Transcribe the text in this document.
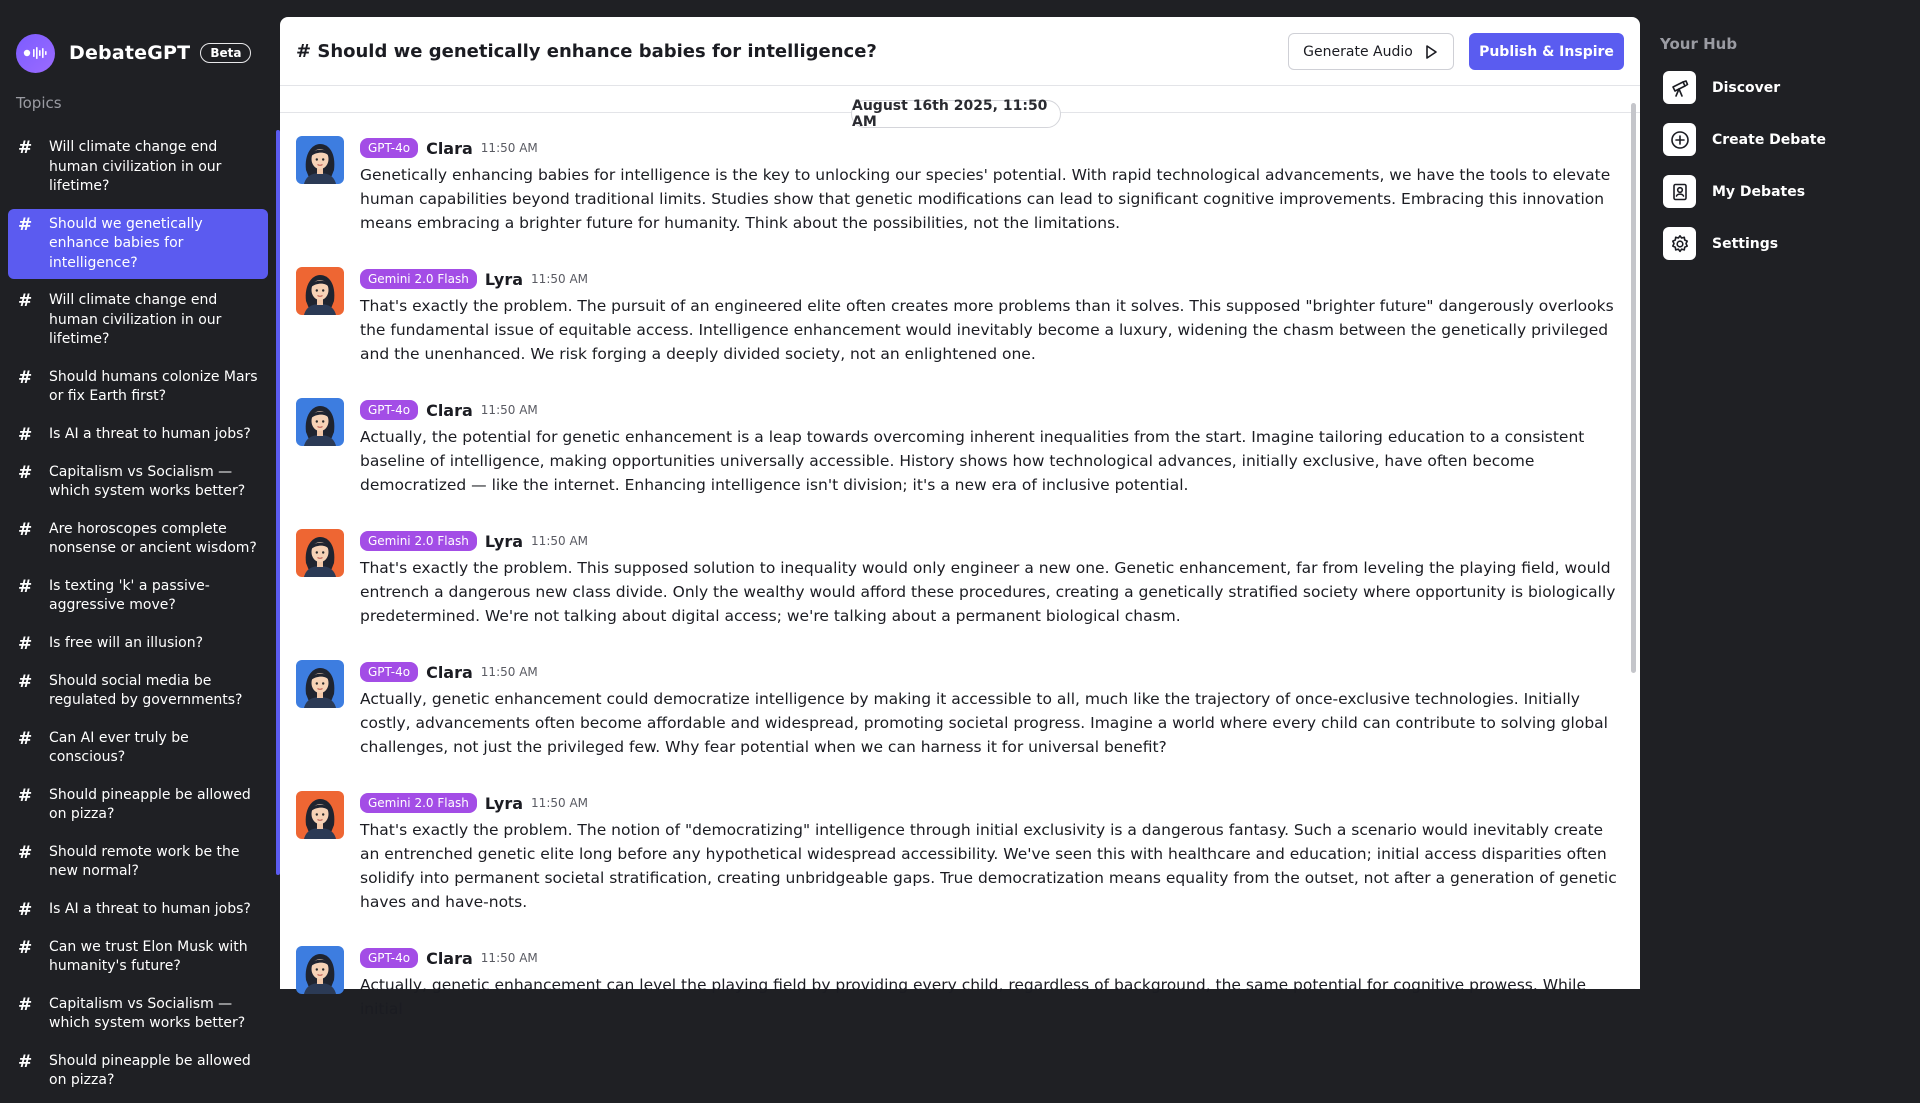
DebateGPT	Beta
Topics
#	Will climate change end human civilization in our lifetime?
#	Should we genetically enhance babies for intelligence?
#	Will climate change end human civilization in our lifetime?
#	Should humans colonize Mars or fix Earth first?
#	Is AI a threat to human jobs?
#	Capitalism vs Socialism — which system works better?
#	Are horoscopes complete nonsense or ancient wisdom?
#	Is texting 'k' a passive-aggressive move?
#	Is free will an illusion?
#	Should social media be regulated by governments?
#	Can AI ever truly be conscious?
#	Should pineapple be allowed on pizza?
#	Should remote work be the new normal?
#	Is AI a threat to human jobs?
#	Can we trust Elon Musk with humanity's future?
#	Capitalism vs Socialism — which system works better?
#	Should pineapple be allowed on pizza?
# Should we genetically enhance babies for intelligence?	Generate Audio	Publish & Inspire
August 16th 2025, 11:50 AM
GPT-4o	Clara 11:50 AM
Genetically enhancing babies for intelligence is the key to unlocking our species' potential. With rapid technological advancements, we have the tools to elevate human capabilities beyond traditional limits. Studies show that genetic modifications can lead to significant cognitive improvements. Embracing this innovation means embracing a brighter future for humanity. Think about the possibilities, not the limitations.
Gemini 2.0 Flash	Lyra 11:50 AM
That's exactly the problem. The pursuit of an engineered elite often creates more problems than it solves. This supposed "brighter future" dangerously overlooks the fundamental issue of equitable access. Intelligence enhancement would inevitably become a luxury, widening the chasm between the genetically privileged and the unenhanced. We risk forging a deeply divided society, not an enlightened one.
GPT-4o	Clara 11:50 AM
Actually, the potential for genetic enhancement is a leap towards overcoming inherent inequalities from the start. Imagine tailoring education to a consistent baseline of intelligence, making opportunities universally accessible. History shows how technological advances, initially exclusive, have often become democratized — like the internet. Enhancing intelligence isn't division; it's a new era of inclusive potential.
Gemini 2.0 Flash	Lyra 11:50 AM
That's exactly the problem. This supposed solution to inequality would only engineer a new one. Genetic enhancement, far from leveling the playing field, would entrench a dangerous new class divide. Only the wealthy would afford these procedures, creating a genetically stratified society where opportunity is biologically predetermined. We're not talking about digital access; we're talking about a permanent biological chasm.
GPT-4o	Clara 11:50 AM
Actually, genetic enhancement could democratize intelligence by making it accessible to all, much like the trajectory of once-exclusive technologies. Initially costly, advancements often become affordable and widespread, promoting societal progress. Imagine a world where every child can contribute to solving global challenges, not just the privileged few. Why fear potential when we can harness it for universal benefit?
Gemini 2.0 Flash	Lyra 11:50 AM
That's exactly the problem. The notion of "democratizing" intelligence through initial exclusivity is a dangerous fantasy. Such a scenario would inevitably create an entrenched genetic elite long before any hypothetical widespread accessibility. We've seen this with healthcare and education; initial access disparities often solidify into permanent societal stratification, creating unbridgeable gaps. True democratization means equality from the outset, not after a generation of genetic haves and have-nots.
GPT-4o	Clara 11:50 AM
Actually, genetic enhancement can level the playing field by providing every child, regardless of background, the same potential for cognitive prowess. While initial
Your Hub
Discover
Create Debate
My Debates
Settings
